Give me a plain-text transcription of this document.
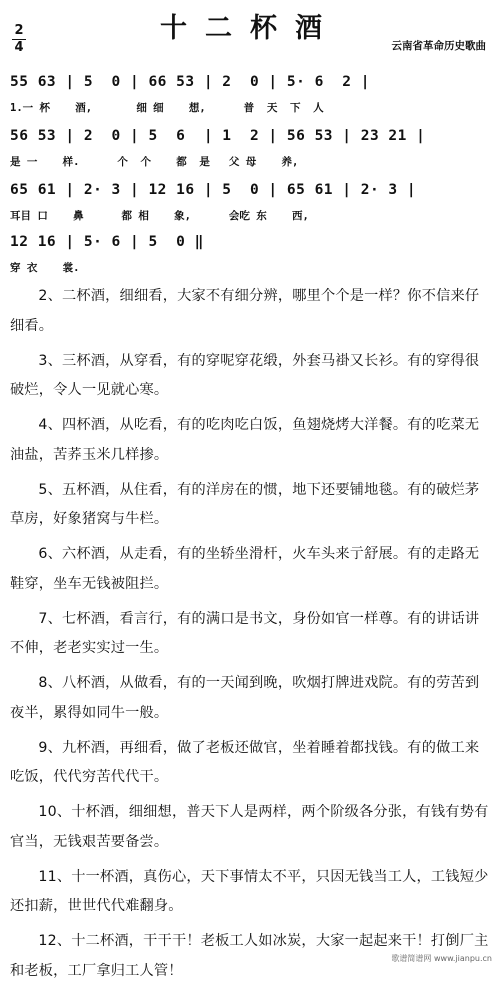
十二杯酒
2
4	云南省革命历史歌曲
55 63 | 5  0 | 66 53 | 2  0 | 5· 6  2 |
1.一 杯    酒,       细 细    想,      普  天  下  人
56 53 | 2  0 | 5  6  | 1  2 | 56 53 | 23 21 |
是 一    样.      个  个    都  是   父 母    养,
65 61 | 2· 3 | 12 16 | 5  0 | 65 61 | 2· 3 |
耳目 口    鼻      都 相    象,      会吃 东    西,
12 16 | 5· 6 | 5  0 ‖
穿 衣    裳.

2、二杯酒，细细看，大家不有细分辨，哪里个个是一样？你不信来仔细看。

3、三杯酒，从穿看，有的穿呢穿花缎，外套马褂又长衫。有的穿得很破烂，令人一见就心寒。

4、四杯酒，从吃看，有的吃肉吃白饭，鱼翅烧烤大洋餐。有的吃菜无油盐，苦荞玉米几样掺。

5、五杯酒，从住看，有的洋房在的惯，地下还要铺地毯。有的破烂茅草房，好象猪窝与牛栏。

6、六杯酒，从走看，有的坐轿坐滑杆，火车头来亍舒展。有的走路无鞋穿，坐车无钱被阻拦。

7、七杯酒，看言行，有的满口是书文，身份如官一样尊。有的讲话讲不伸，老老实实过一生。

8、八杯酒，从做看，有的一天闻到晚，吹烟打牌进戏院。有的劳苦到夜半，累得如同牛一般。

9、九杯酒，再细看，做了老板还做官，坐着睡着都找钱。有的做工来吃饭，代代穷苦代代干。

10、十杯酒，细细想，普天下人是两样，两个阶级各分张，有钱有势有官当，无钱艰苦要备尝。

11、十一杯酒，真伤心，天下事情太不平，只因无钱当工人，工钱短少还扣薪，世世代代难翻身。

12、十二杯酒，干干干！老板工人如冰炭，大家一起起来干！打倒厂主和老板，工厂拿归工人管！

歌谱简谱网 www.jianpu.cn
